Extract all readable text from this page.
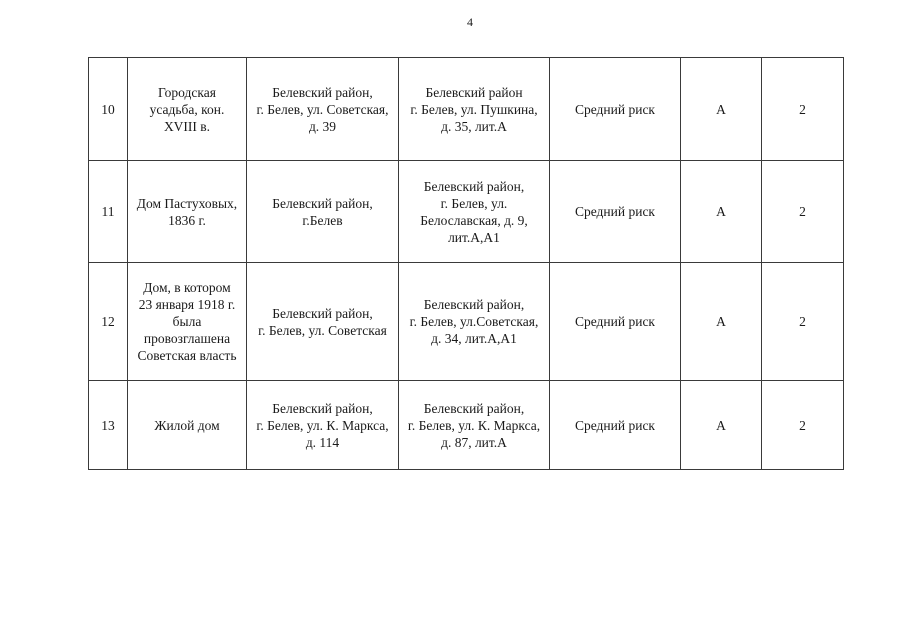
4
10	Городская
усадьба, кон.
XVIII в.	Белевский район,
г. Белев, ул. Советская,
д. 39	Белевский район
г. Белев, ул. Пушкина,
д. 35, лит.А	Средний риск	А	2

11	Дом Пастуховых,
1836 г.	Белевский район,
г.Белев	Белевский район,
г. Белев, ул.
Белославская, д. 9,
лит.А,А1	Средний риск	А	2

12	Дом, в котором
23 января 1918 г.
была
провозглашена
Советская власть	Белевский район,
г. Белев, ул. Советская	Белевский район,
г. Белев, ул.Советская,
д. 34, лит.А,А1	Средний риск	А	2

13	Жилой дом	Белевский район,
г. Белев, ул. К. Маркса,
д. 114	Белевский район,
г. Белев, ул. К. Маркса,
д. 87, лит.А	Средний риск	А	2
